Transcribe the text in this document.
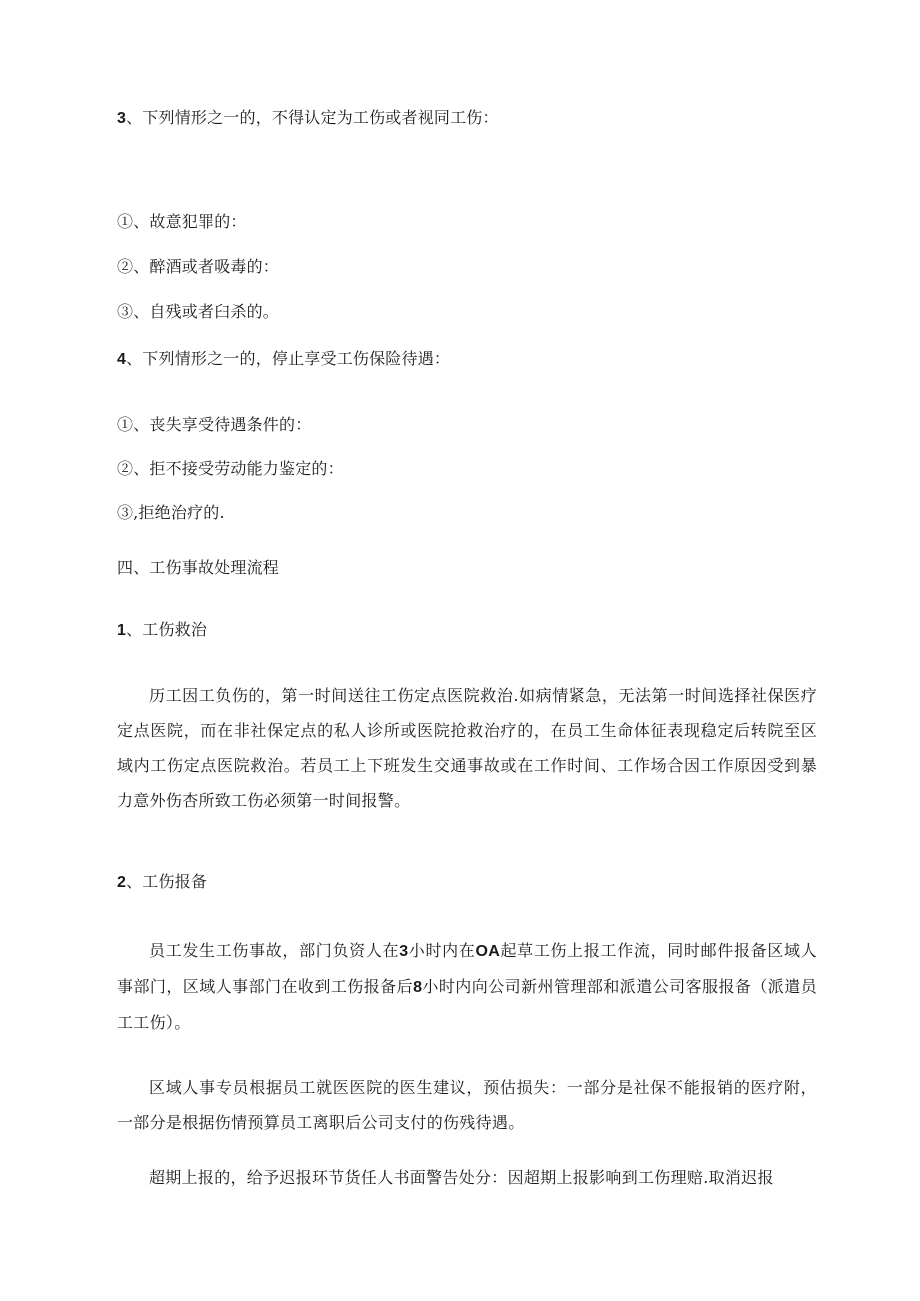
3、下列情形之一的，不得认定为工伤或者视同工伤：
①、故意犯罪的：
②、醉酒或者吸毒的：
③、自残或者臼杀的。
4、下列情形之一的，停止享受工伤保险待遇：
①、丧失享受待遇条件的：
②、拒不接受劳动能力鉴定的：
③,拒绝治疗的.
四、工伤事故处理流程
1、工伤救治
历工因工负伤的，第一时间送往工伤定点医院救治.如病情紧急，无法第一时间选择社保医疗定点医院，而在非社保定点的私人诊所或医院抢救治疗的，在员工生命体征表现稳定后转院至区域内工伤定点医院救治。若员工上下班发生交通事故或在工作时间、工作场合因工作原因受到暴力意外伤杏所致工伤必须第一时间报警。
2、工伤报备
员工发生工伤事故，部门负资人在3小时内在OA起草工伤上报工作流，同时邮件报备区域人事部门，区域人事部门在收到工伤报备后8小时内向公司新州管理部和派遣公司客服报备（派遣员工工伤）。
区域人事专员根据员工就医医院的医生建议，预估损失：一部分是社保不能报销的医疗附，一部分是根据伤情预算员工离职后公司支付的伤残待遇。
超期上报的，给予迟报环节货任人书面警告处分：因超期上报影响到工伤理赔.取消迟报
